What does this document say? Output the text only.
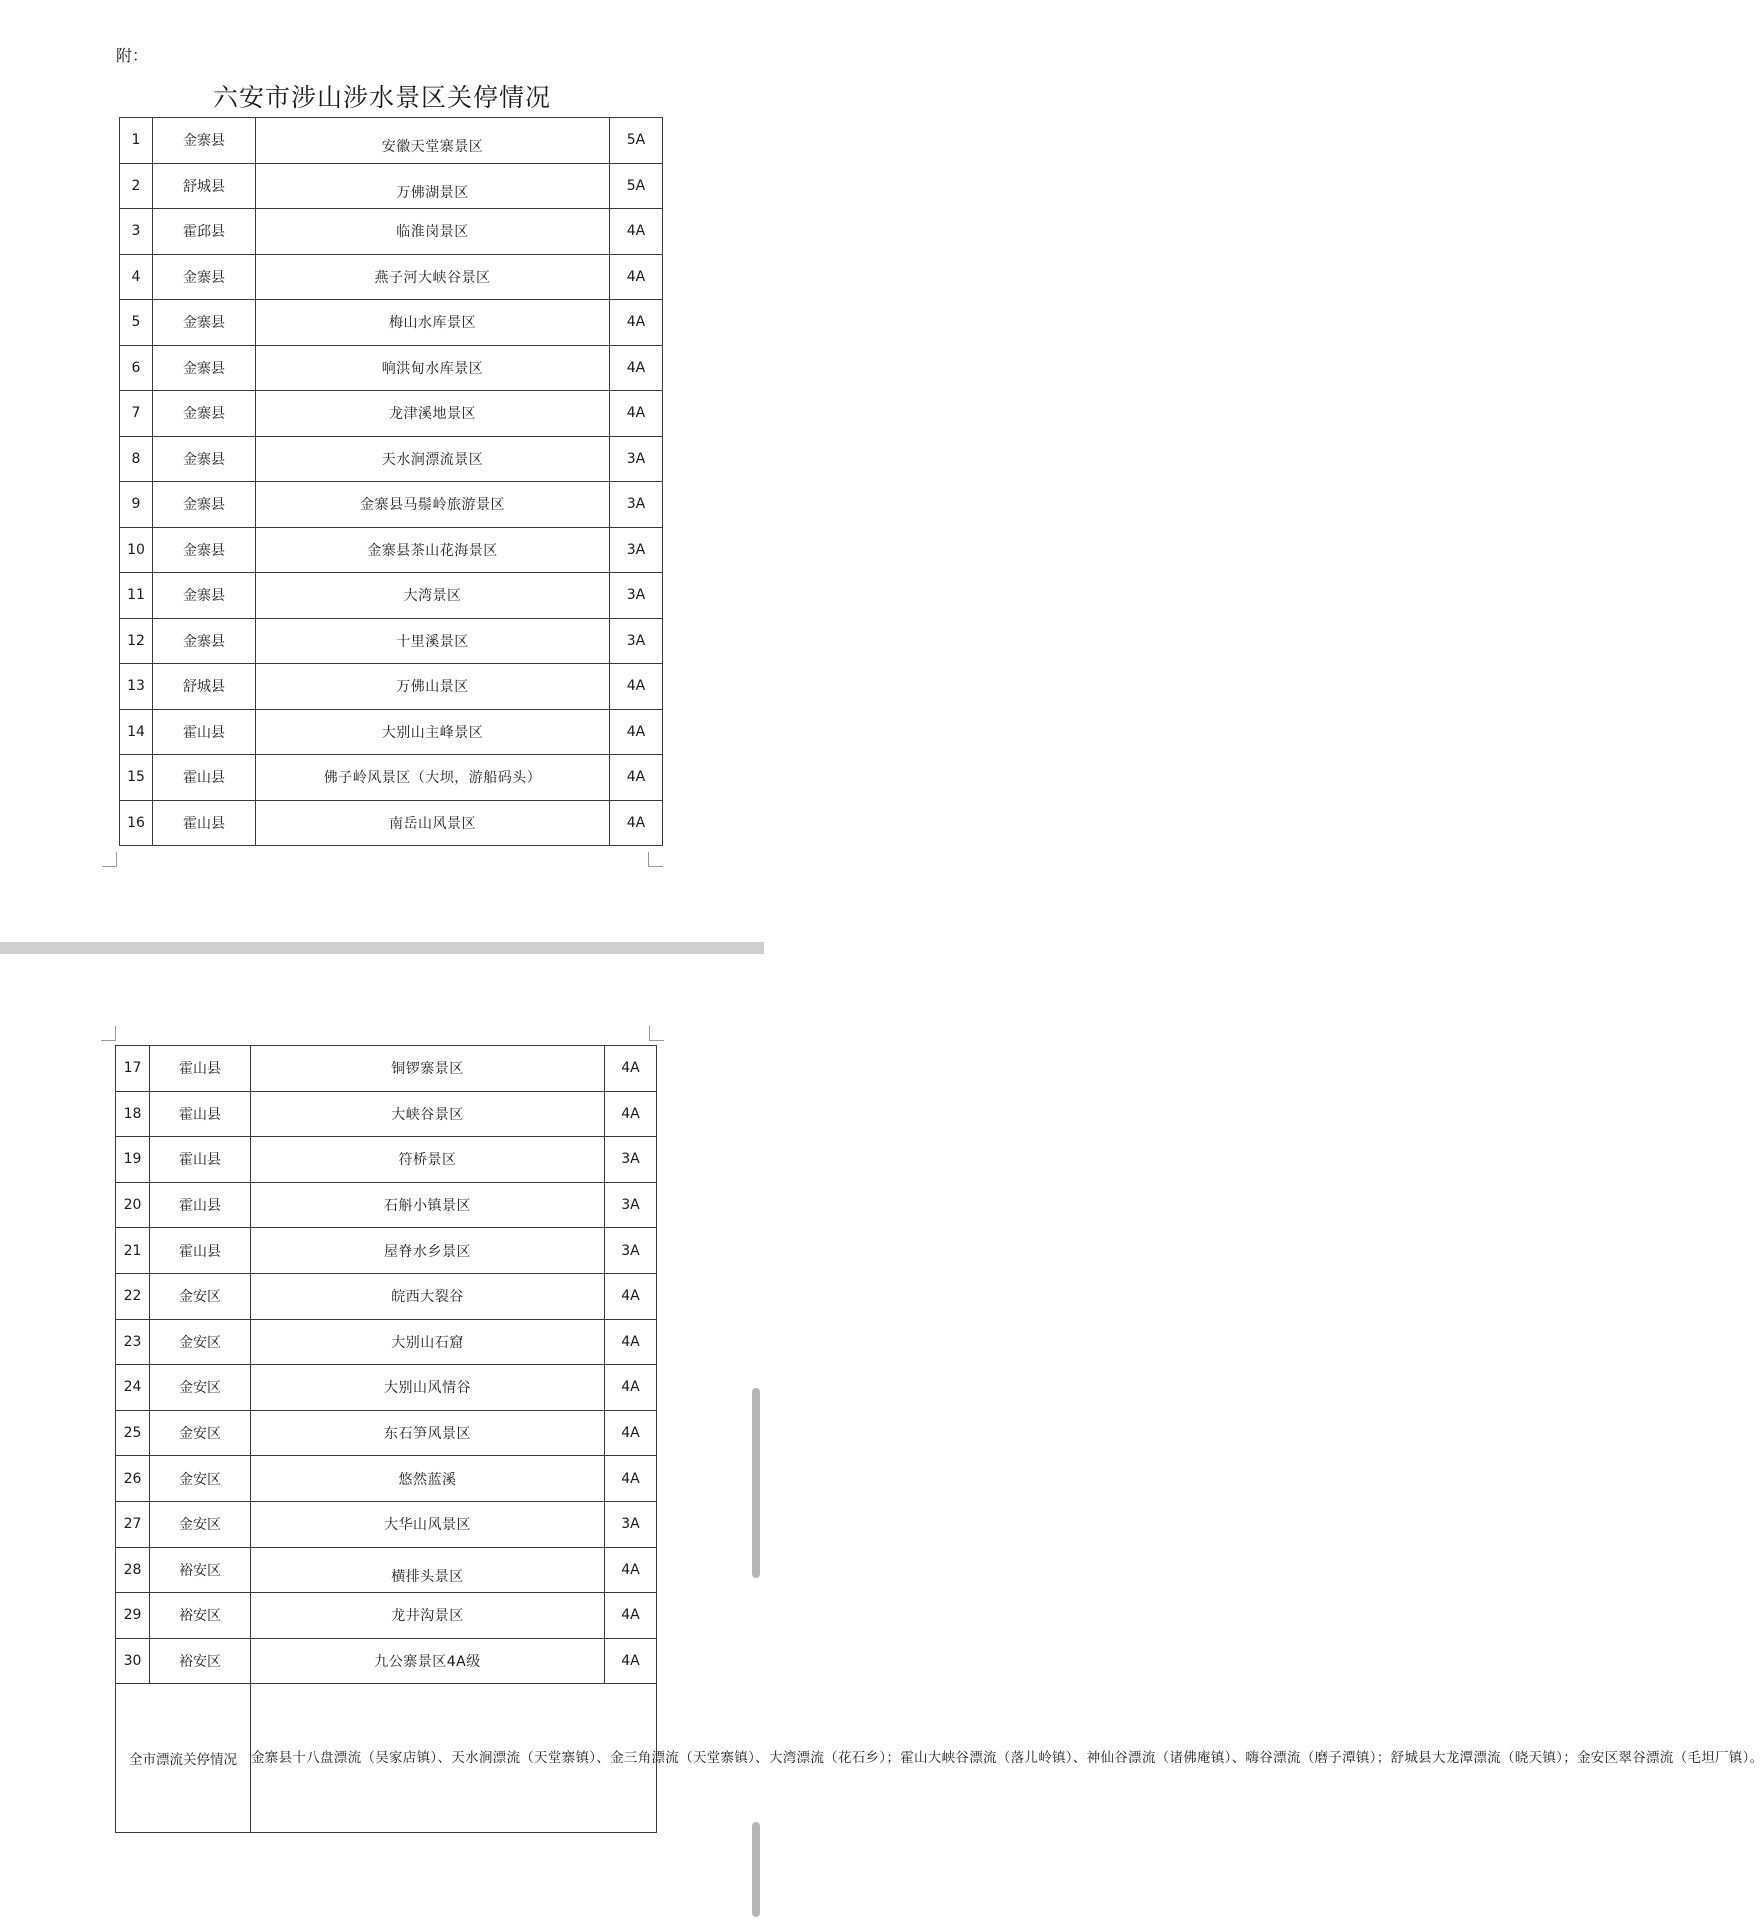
附：
六安市涉山涉水景区关停情况
1	金寨县	安徽天堂寨景区	5A
2	舒城县	万佛湖景区	5A
3	霍邱县	临淮岗景区	4A
4	金寨县	燕子河大峡谷景区	4A
5	金寨县	梅山水库景区	4A
6	金寨县	响洪甸水库景区	4A
7	金寨县	龙津溪地景区	4A
8	金寨县	天水涧漂流景区	3A
9	金寨县	金寨县马鬃岭旅游景区	3A
10	金寨县	金寨县茶山花海景区	3A
11	金寨县	大湾景区	3A
12	金寨县	十里溪景区	3A
13	舒城县	万佛山景区	4A
14	霍山县	大别山主峰景区	4A
15	霍山县	佛子岭风景区（大坝，游船码头）	4A
16	霍山县	南岳山风景区	4A
17	霍山县	铜锣寨景区	4A
18	霍山县	大峡谷景区	4A
19	霍山县	符桥景区	3A
20	霍山县	石斛小镇景区	3A
21	霍山县	屋脊水乡景区	3A
22	金安区	皖西大裂谷	4A
23	金安区	大别山石窟	4A
24	金安区	大别山风情谷	4A
25	金安区	东石笋风景区	4A
26	金安区	悠然蓝溪	4A
27	金安区	大华山风景区	3A
28	裕安区	横排头景区	4A
29	裕安区	龙井沟景区	4A
30	裕安区	九公寨景区4A级	4A
全市漂流关停情况		金寨县十八盘漂流（吴家店镇）、天水涧漂流（天堂寨镇）、金三角漂流（天堂寨镇）、大湾漂流（花石乡）；霍山大峡谷漂流（落儿岭镇）、神仙谷漂流（诸佛庵镇）、嗨谷漂流（磨子潭镇）；舒城县大龙潭漂流（晓天镇）；金安区翠谷漂流（毛坦厂镇）。	
